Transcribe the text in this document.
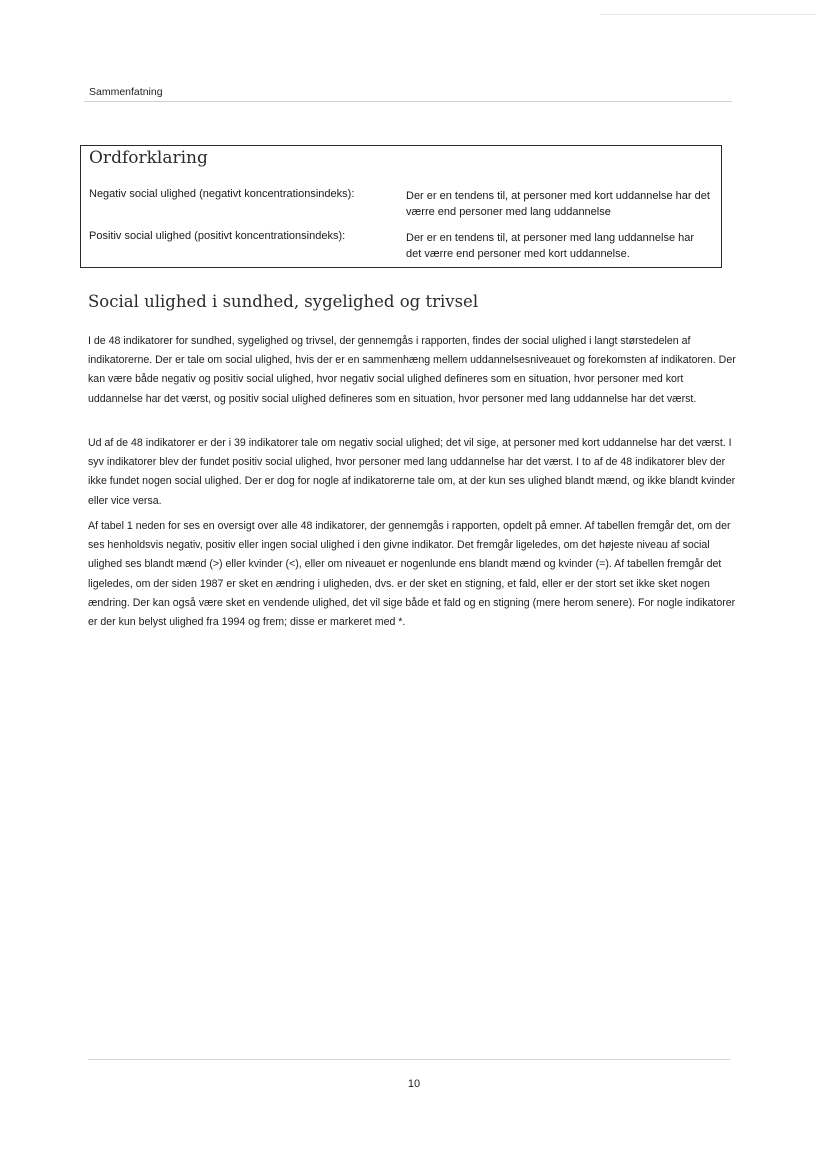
Sammenfatning
Ordforklaring
Negativ social ulighed (negativt koncentrationsindeks):	Der er en tendens til, at personer med kort uddannelse har det værre end personer med lang uddannelse
Positiv social ulighed (positivt koncentrationsindeks):	Der er en tendens til, at personer med lang uddannelse har det værre end personer med kort uddannelse.
Social ulighed i sundhed, sygelighed og trivsel
I de 48 indikatorer for sundhed, sygelighed og trivsel, der gennemgås i rapporten, findes der social ulighed i langt størstedelen af indikatorerne. Der er tale om social ulighed, hvis der er en sammenhæng mellem uddannelsesniveauet og forekomsten af indikatoren. Der kan være både negativ og positiv social ulighed, hvor negativ social ulighed defineres som en situation, hvor personer med kort uddannelse har det værst, og positiv social ulighed defineres som en situation, hvor personer med lang uddannelse har det værst.
Ud af de 48 indikatorer er der i 39 indikatorer tale om negativ social ulighed; det vil sige, at personer med kort uddannelse har det værst. I syv indikatorer blev der fundet positiv social ulighed, hvor personer med lang uddannelse har det værst. I to af de 48 indikatorer blev der ikke fundet nogen social ulighed. Der er dog for nogle af indikatorerne tale om, at der kun ses ulighed blandt mænd, og ikke blandt kvinder eller vice versa.
Af tabel 1 neden for ses en oversigt over alle 48 indikatorer, der gennemgås i rapporten, opdelt på emner. Af tabellen fremgår det, om der ses henholdsvis negativ, positiv eller ingen social ulighed i den givne indikator. Det fremgår ligeledes, om det højeste niveau af social ulighed ses blandt mænd (>) eller kvinder (<), eller om niveauet er nogenlunde ens blandt mænd og kvinder (=). Af tabellen fremgår det ligeledes, om der siden 1987 er sket en ændring i uligheden, dvs. er der sket en stigning, et fald, eller er der stort set ikke sket nogen ændring. Der kan også være sket en vendende ulighed, det vil sige både et fald og en stigning (mere herom senere). For nogle indikatorer er der kun belyst ulighed fra 1994 og frem; disse er markeret med *.
10
